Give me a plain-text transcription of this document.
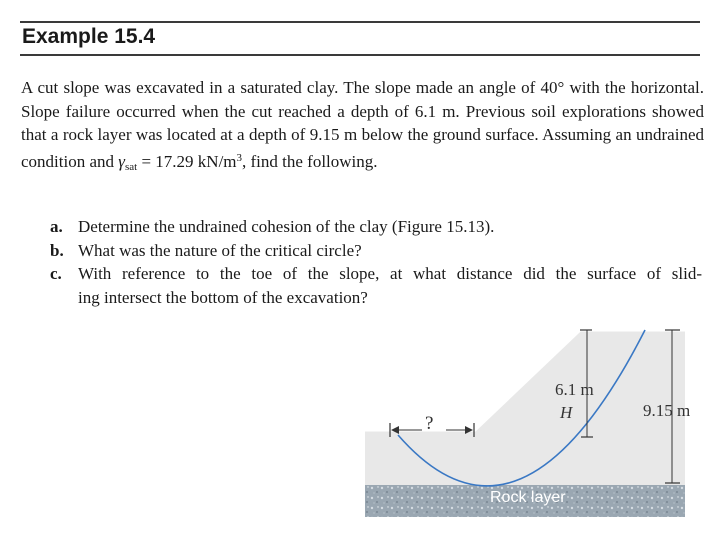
Example 15.4

A cut slope was excavated in a saturated clay. The slope made an angle of 40° with the horizontal. Slope failure occurred when the cut reached a depth of 6.1 m. Previous soil explorations showed that a rock layer was located at a depth of 9.15 m below the ground surface. Assuming an undrained condition and $\gamma_{sat} = 17.29$ $kN/m^3$, find the following.

a. Determine the undrained cohesion of the clay (Figure 15.13).
b. What was the nature of the critical circle?
c. With reference to the toe of the slope, at what distance did the surface of slid-
ing intersect the bottom of the excavation?
6.1 m
H	9.15 m
?
Rock layer
